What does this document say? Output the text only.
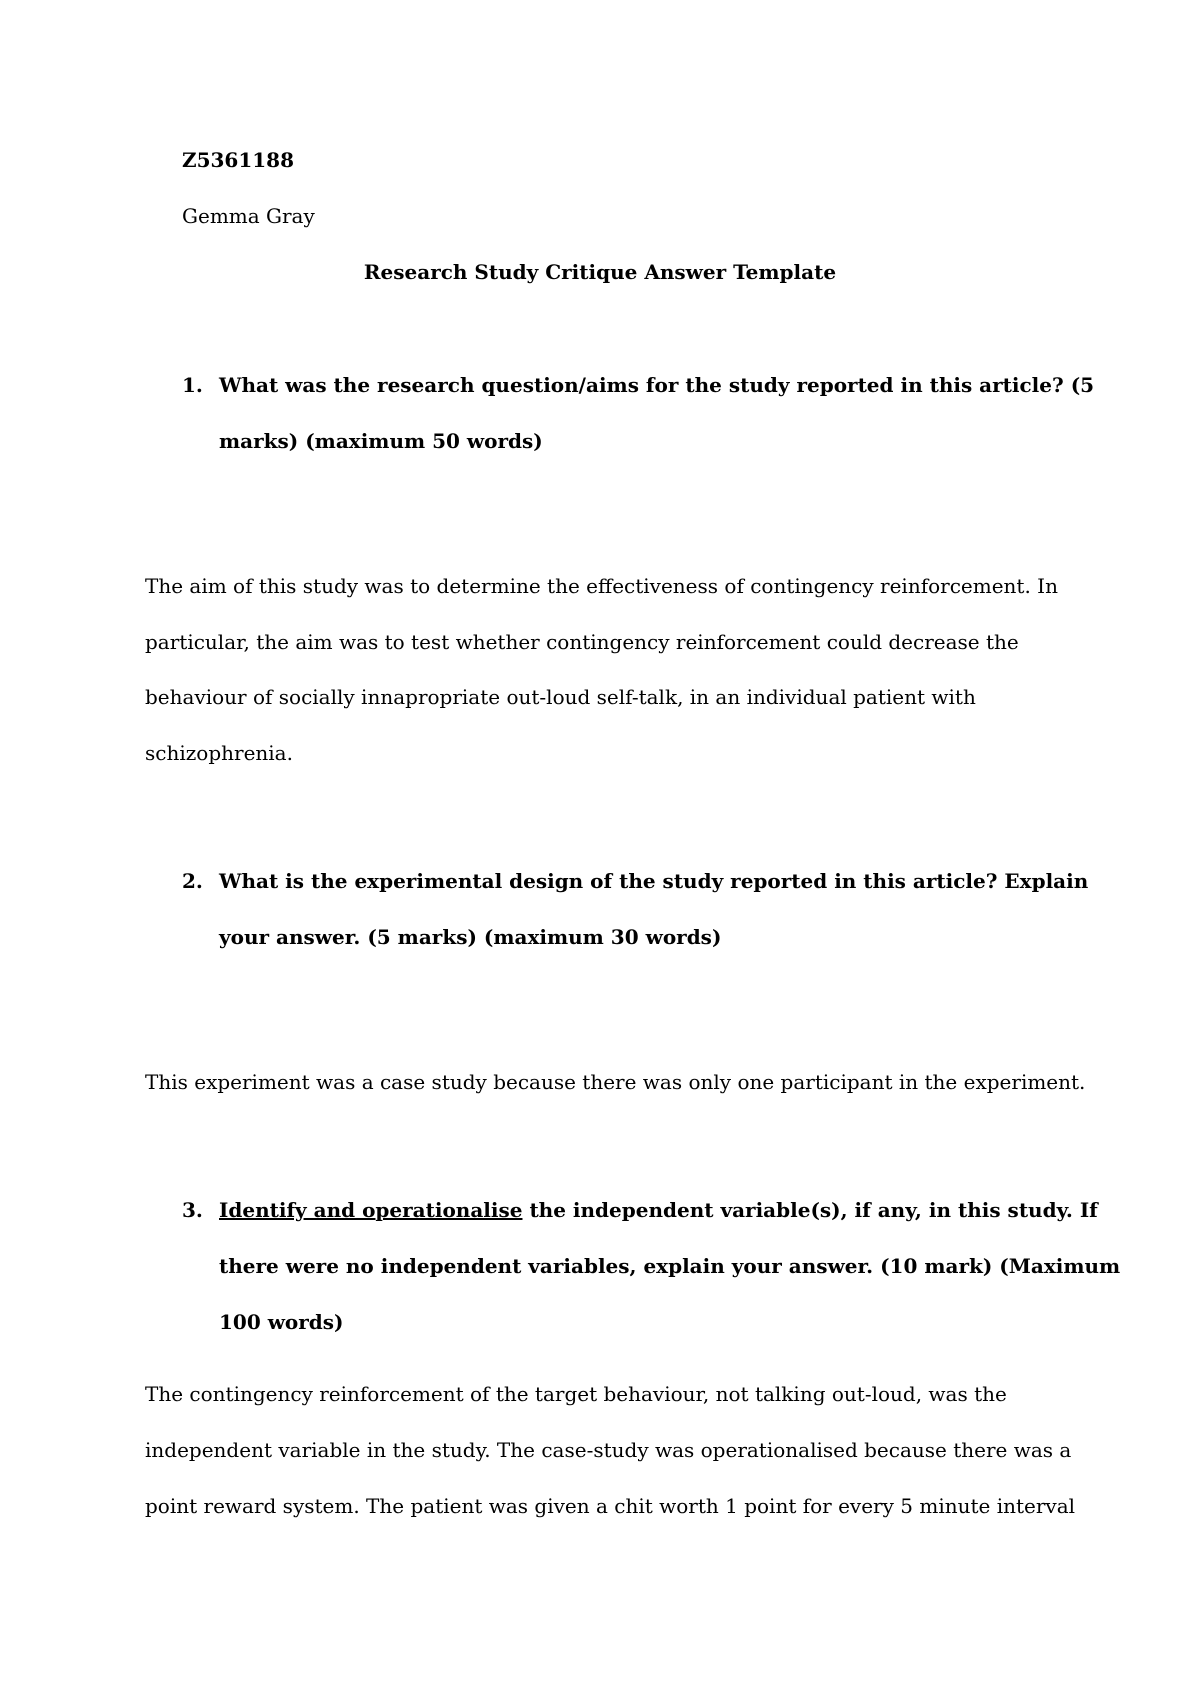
Z5361188
Gemma Gray
Research Study Critique Answer Template
1. What was the research question/aims for the study reported in this article? (5
marks) (maximum 50 words)
The aim of this study was to determine the effectiveness of contingency reinforcement. In
particular, the aim was to test whether contingency reinforcement could decrease the
behaviour of socially innapropriate out-loud self-talk, in an individual patient with
schizophrenia.
2. What is the experimental design of the study reported in this article? Explain
your answer. (5 marks) (maximum 30 words)
This experiment was a case study because there was only one participant in the experiment.
3. Identify and operationalise the independent variable(s), if any, in this study. If
there were no independent variables, explain your answer. (10 mark) (Maximum
100 words)
The contingency reinforcement of the target behaviour, not talking out-loud, was the
independent variable in the study. The case-study was operationalised because there was a
point reward system. The patient was given a chit worth 1 point for every 5 minute interval
